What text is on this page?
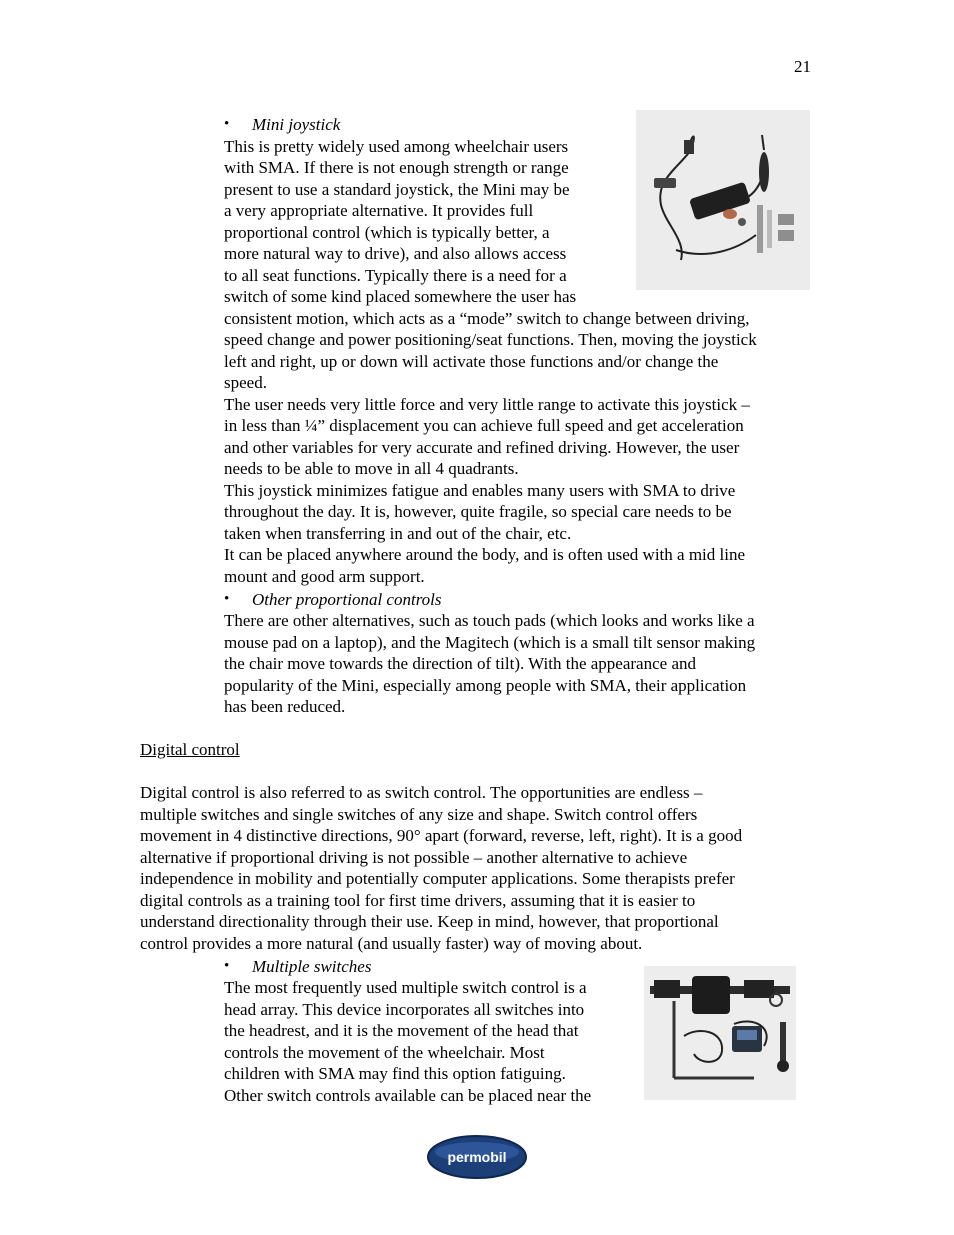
21
• Mini joystick
This is pretty widely used among wheelchair users
with SMA. If there is not enough strength or range
present to use a standard joystick, the Mini may be
a very appropriate alternative. It provides full
proportional control (which is typically better, a
more natural way to drive), and also allows access
to all seat functions. Typically there is a need for a
switch of some kind placed somewhere the user has
consistent motion, which acts as a “mode” switch to change between driving,
speed change and power positioning/seat functions. Then, moving the joystick
left and right, up or down will activate those functions and/or change the
speed.
The user needs very little force and very little range to activate this joystick –
in less than ¼” displacement you can achieve full speed and get acceleration
and other variables for very accurate and refined driving. However, the user
needs to be able to move in all 4 quadrants.
This joystick minimizes fatigue and enables many users with SMA to drive
throughout the day. It is, however, quite fragile, so special care needs to be
taken when transferring in and out of the chair, etc.
It can be placed anywhere around the body, and is often used with a mid line
mount and good arm support.
• Other proportional controls
There are other alternatives, such as touch pads (which looks and works like a
mouse pad on a laptop), and the Magitech (which is a small tilt sensor making
the chair move towards the direction of tilt). With the appearance and
popularity of the Mini, especially among people with SMA, their application
has been reduced.
Digital control
Digital control is also referred to as switch control. The opportunities are endless –
multiple switches and single switches of any size and shape. Switch control offers
movement in 4 distinctive directions, 90° apart (forward, reverse, left, right). It is a good
alternative if proportional driving is not possible – another alternative to achieve
independence in mobility and potentially computer applications. Some therapists prefer
digital controls as a training tool for first time drivers, assuming that it is easier to
understand directionality through their use. Keep in mind, however, that proportional
control provides a more natural (and usually faster) way of moving about.
• Multiple switches
The most frequently used multiple switch control is a
head array. This device incorporates all switches into
the headrest, and it is the movement of the head that
controls the movement of the wheelchair. Most
children with SMA may find this option fatiguing.
Other switch controls available can be placed near the
permobil
